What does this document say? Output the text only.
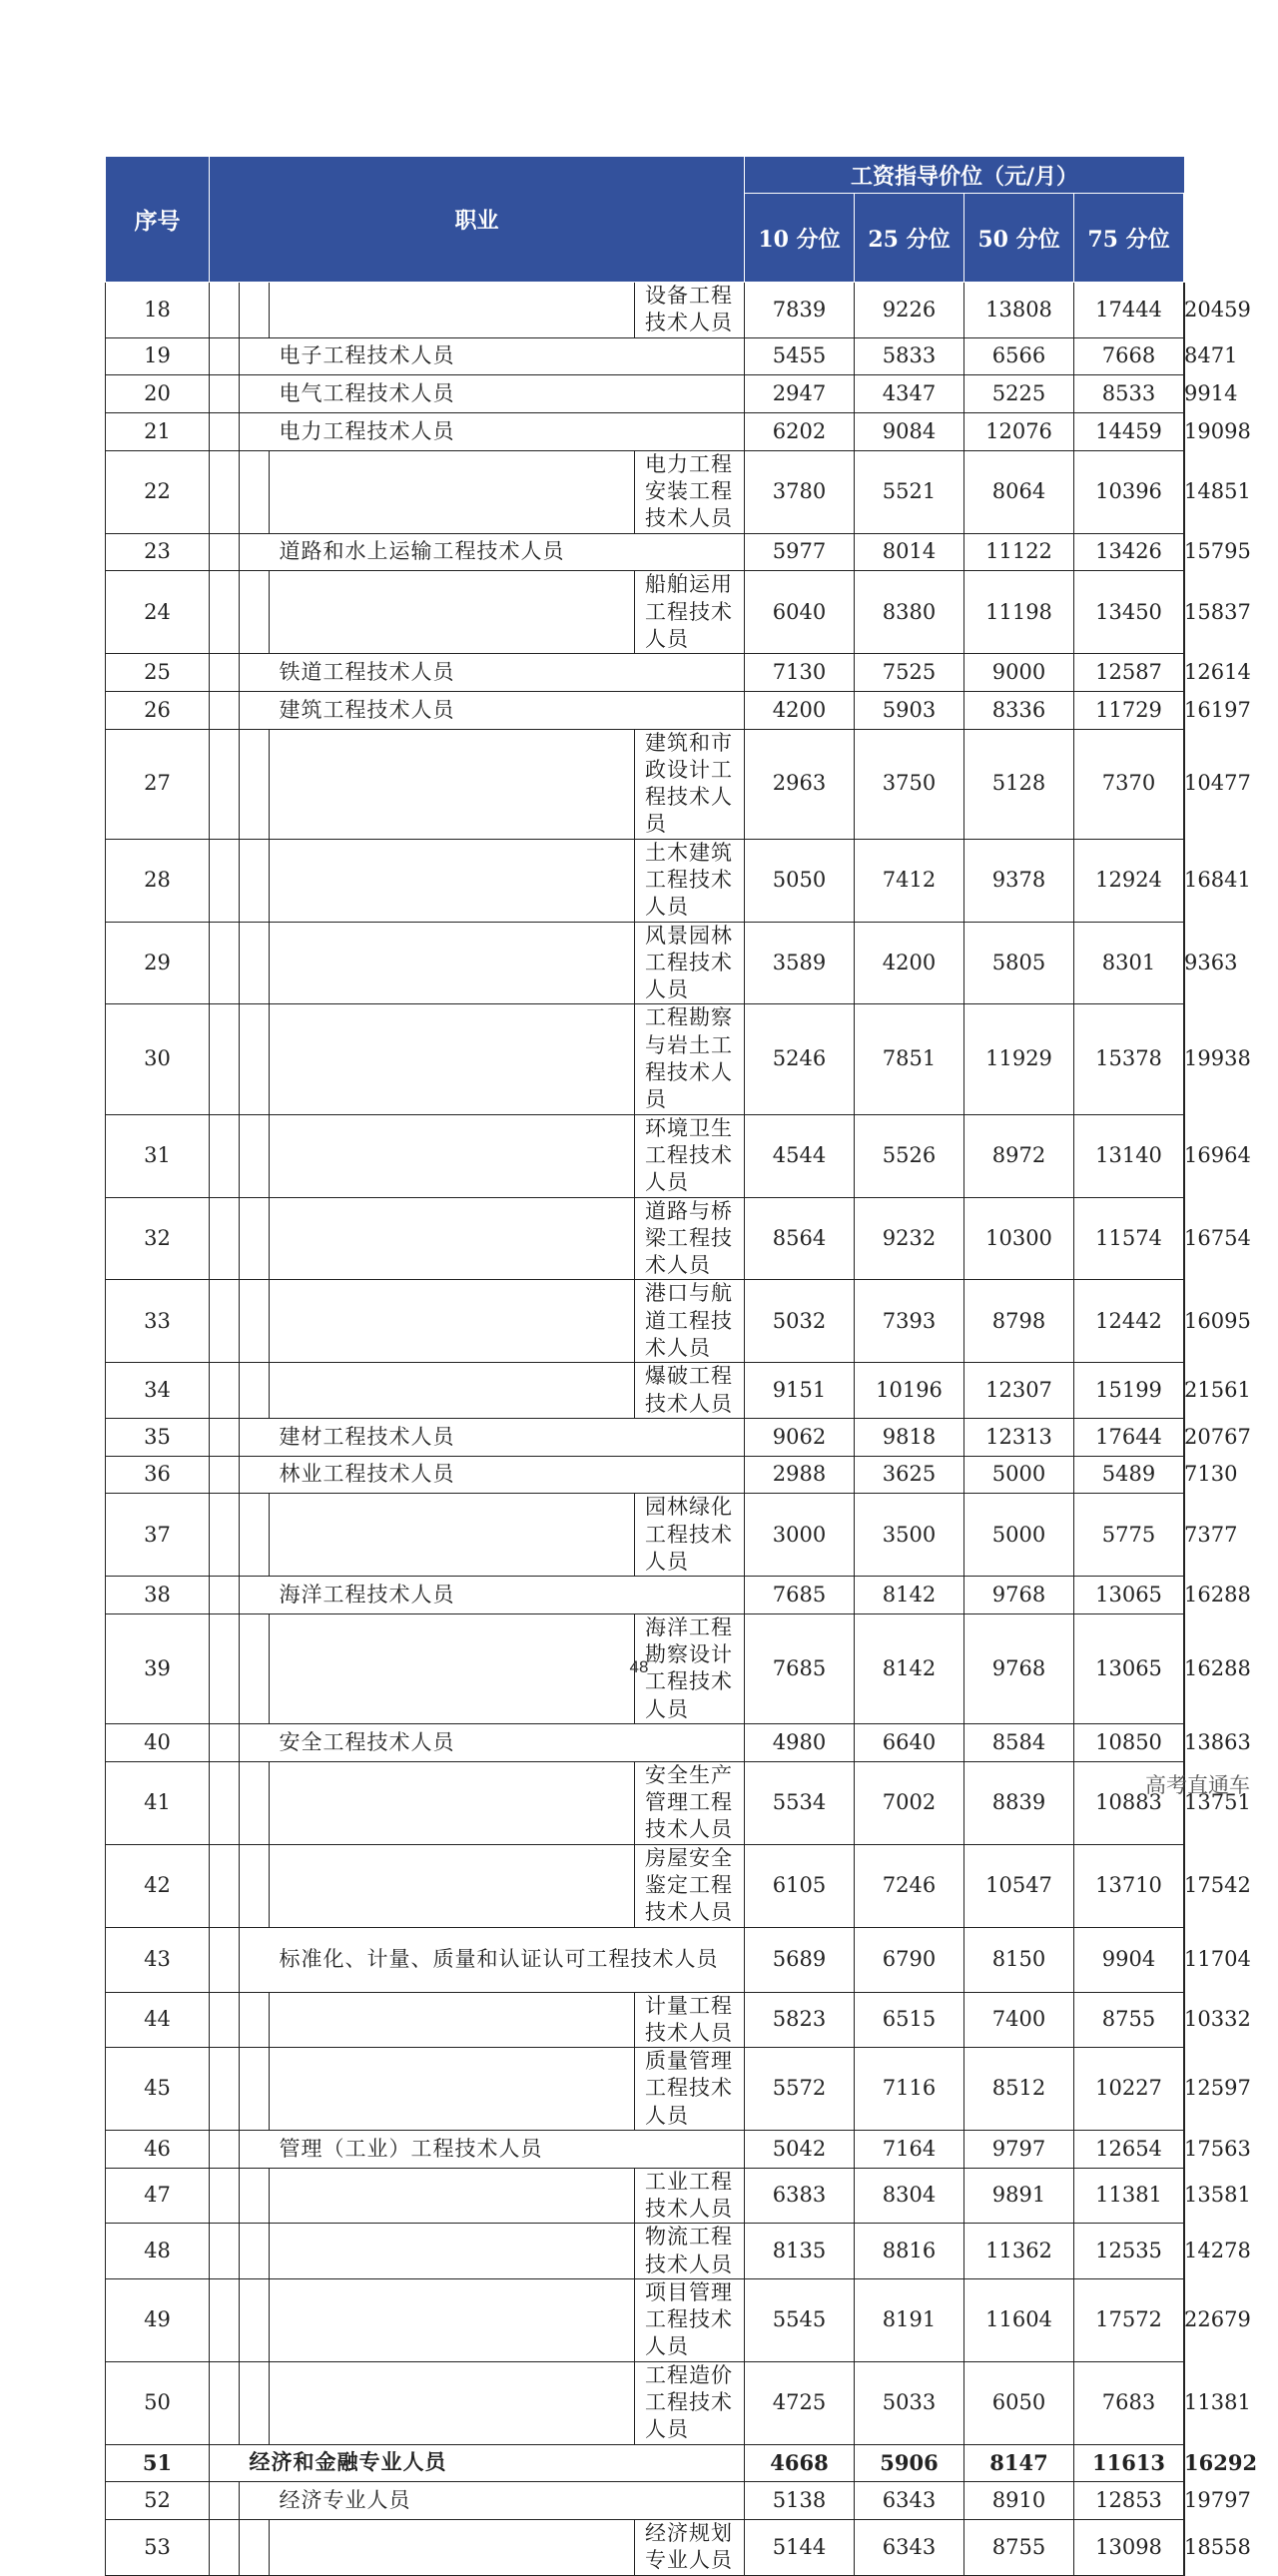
序号	职业				工资指导价位（元/月）				
					10 分位	25 分位	50 分位	75 分位	90 分位
18				设备工程技术人员	7839	9226	13808	17444	20459
19			电子工程技术人员		5455	5833	6566	7668	8471
20			电气工程技术人员		2947	4347	5225	8533	9914
21			电力工程技术人员		6202	9084	12076	14459	19098
22				电力工程安装工程技术人员	3780	5521	8064	10396	14851
23			道路和水上运输工程技术人员		5977	8014	11122	13426	15795
24				船舶运用工程技术人员	6040	8380	11198	13450	15837
25			铁道工程技术人员		7130	7525	9000	12587	12614
26			建筑工程技术人员		4200	5903	8336	11729	16197
27				建筑和市政设计工程技术人员	2963	3750	5128	7370	10477
28				土木建筑工程技术人员	5050	7412	9378	12924	16841
29				风景园林工程技术人员	3589	4200	5805	8301	9363
30				工程勘察与岩土工程技术人员	5246	7851	11929	15378	19938
31				环境卫生工程技术人员	4544	5526	8972	13140	16964
32				道路与桥梁工程技术人员	8564	9232	10300	11574	16754
33				港口与航道工程技术人员	5032	7393	8798	12442	16095
34				爆破工程技术人员	9151	10196	12307	15199	21561
35			建材工程技术人员		9062	9818	12313	17644	20767
36			林业工程技术人员		2988	3625	5000	5489	7130
37				园林绿化工程技术人员	3000	3500	5000	5775	7377
38			海洋工程技术人员		7685	8142	9768	13065	16288
39				海洋工程勘察设计工程技术人员	7685	8142	9768	13065	16288
40			安全工程技术人员		4980	6640	8584	10850	13863
41				安全生产管理工程技术人员	5534	7002	8839	10883	13751
42				房屋安全鉴定工程技术人员	6105	7246	10547	13710	17542
43			标准化、计量、质量和认证认可工程技术人员		5689	6790	8150	9904	11704
44				计量工程技术人员	5823	6515	7400	8755	10332
45				质量管理工程技术人员	5572	7116	8512	10227	12597
46			管理（工业）工程技术人员		5042	7164	9797	12654	17563
47				工业工程技术人员	6383	8304	9891	11381	13581
48				物流工程技术人员	8135	8816	11362	12535	14278
49				项目管理工程技术人员	5545	8191	11604	17572	22679
50				工程造价工程技术人员	4725	5033	6050	7683	11381
51		经济和金融专业人员			4668	5906	8147	11613	16292
52			经济专业人员		5138	6343	8910	12853	19797
53				经济规划专业人员	5144	6343	8755	13098	18558
48
高考直通车
